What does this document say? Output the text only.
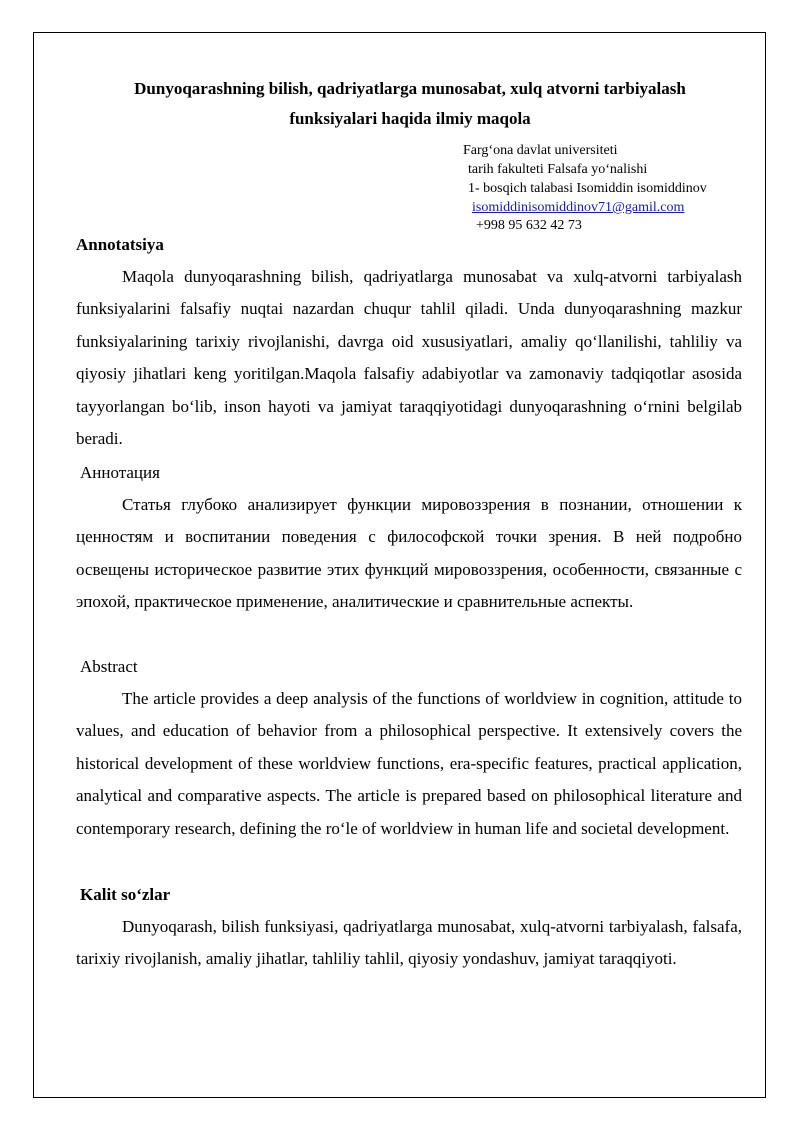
Dunyoqarashning bilish, qadriyatlarga munosabat, xulq atvorni tarbiyalash
funksiyalari haqida ilmiy maqola
Farg‘ona davlat universiteti
tarih fakulteti Falsafa yo‘nalishi
1- bosqich talabasi Isomiddin isomiddinov
isomiddinisomiddinov71@gamil.com
+998 95 632 42 73
Annotatsiya

Maqola dunyoqarashning bilish, qadriyatlarga munosabat va xulq-atvorni tarbiyalash funksiyalarini falsafiy nuqtai nazardan chuqur tahlil qiladi. Unda dunyoqarashning mazkur funksiyalarining tarixiy rivojlanishi, davrga oid xususiyatlari, amaliy qo‘llanilishi, tahliliy va qiyosiy jihatlari keng yoritilgan.Maqola falsafiy adabiyotlar va zamonaviy tadqiqotlar asosida tayyorlangan bo‘lib, inson hayoti va jamiyat taraqqiyotidagi dunyoqarashning o‘rnini belgilab beradi.

Аннотация

Статья глубоко анализирует функции мировоззрения в познании, отношении к ценностям и воспитании поведения с философской точки зрения. В ней подробно освещены историческое развитие этих функций мировоззрения, особенности, связанные с эпохой, практическое применение, аналитические и сравнительные аспекты.

Abstract

The article provides a deep analysis of the functions of worldview in cognition, attitude to values, and education of behavior from a philosophical perspective. It extensively covers the historical development of these worldview functions, era-specific features, practical application, analytical and comparative aspects. The article is prepared based on philosophical literature and contemporary research, defining the ro‘le of worldview in human life and societal development.

Kalit so‘zlar

Dunyoqarash, bilish funksiyasi, qadriyatlarga munosabat, xulq-atvorni tarbiyalash, falsafa, tarixiy rivojlanish, amaliy jihatlar, tahliliy tahlil, qiyosiy yondashuv, jamiyat taraqqiyoti.
